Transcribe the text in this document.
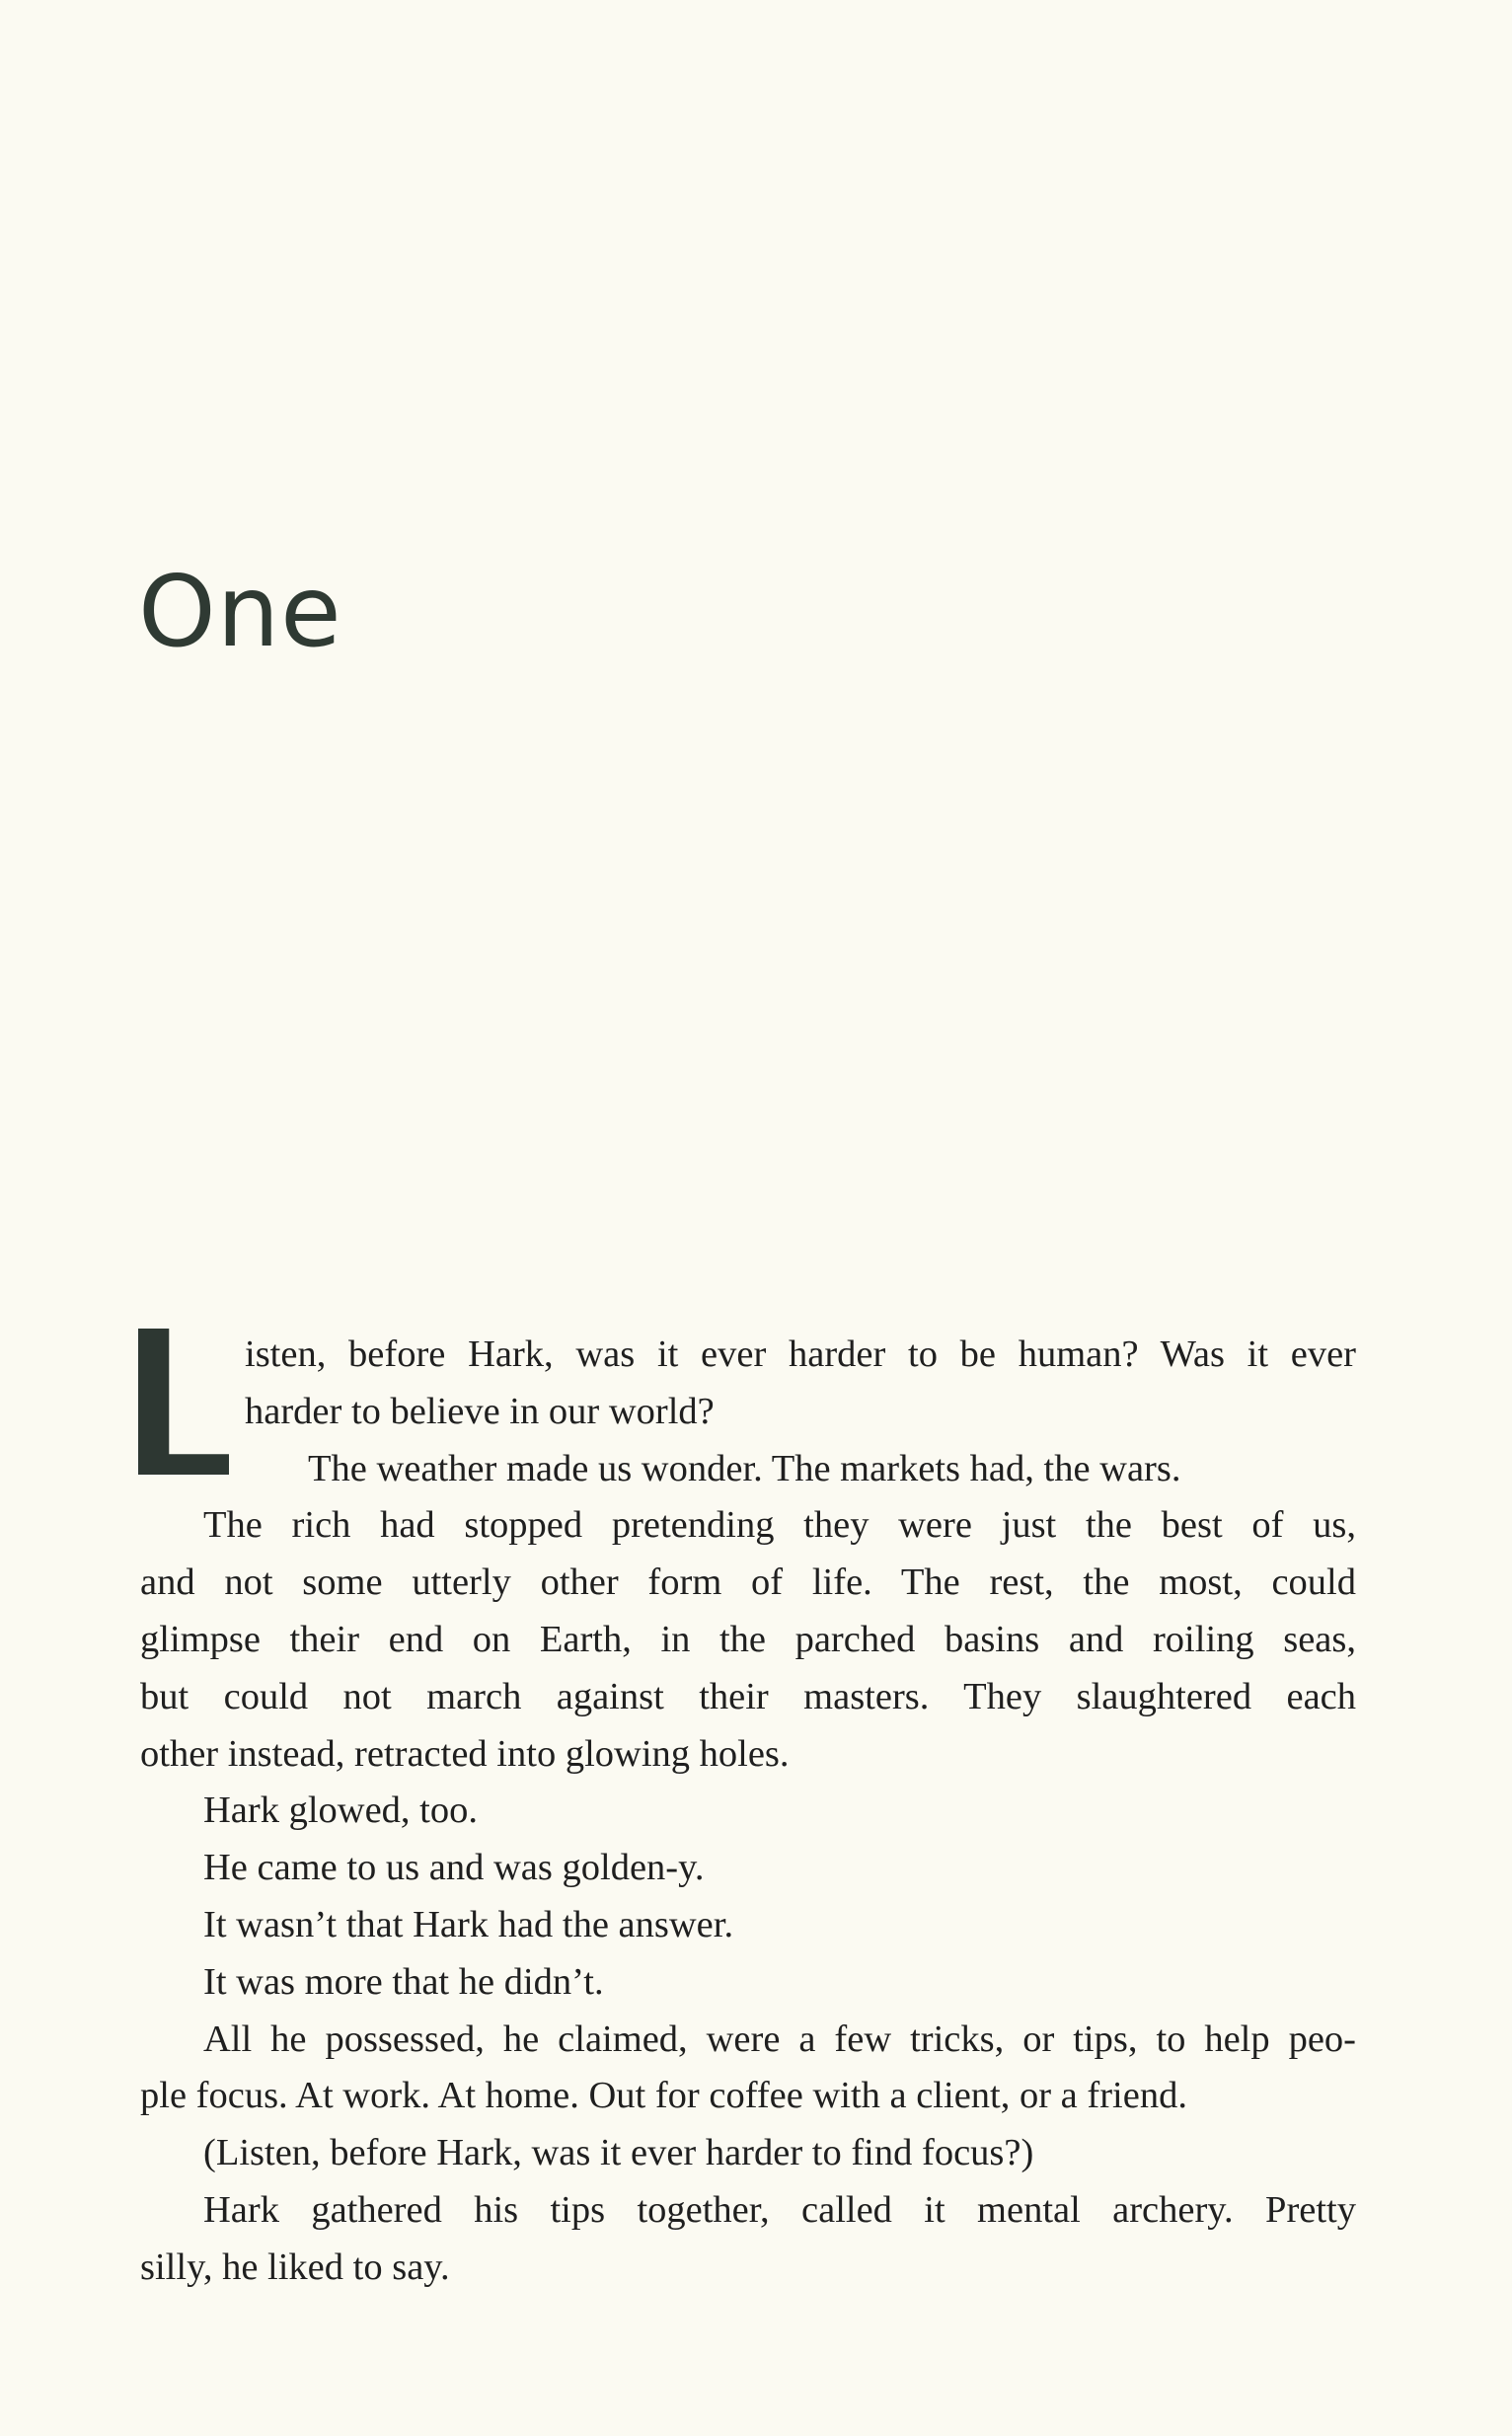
One
isten, before Hark, was it ever harder to be human? Was it ever
harder to believe in our world?
The weather made us wonder. The markets had, the wars.
The rich had stopped pretending they were just the best of us,
and not some utterly other form of life. The rest, the most, could
glimpse their end on Earth, in the parched basins and roiling seas,
but could not march against their masters. They slaughtered each
other instead, retracted into glowing holes.
Hark glowed, too.
He came to us and was golden-y.
It wasn’t that Hark had the answer.
It was more that he didn’t.
All he possessed, he claimed, were a few tricks, or tips, to help peo-
ple focus. At work. At home. Out for coffee with a client, or a friend.
(Listen, before Hark, was it ever harder to find focus?)
Hark gathered his tips together, called it mental archery. Pretty
silly, he liked to say.
